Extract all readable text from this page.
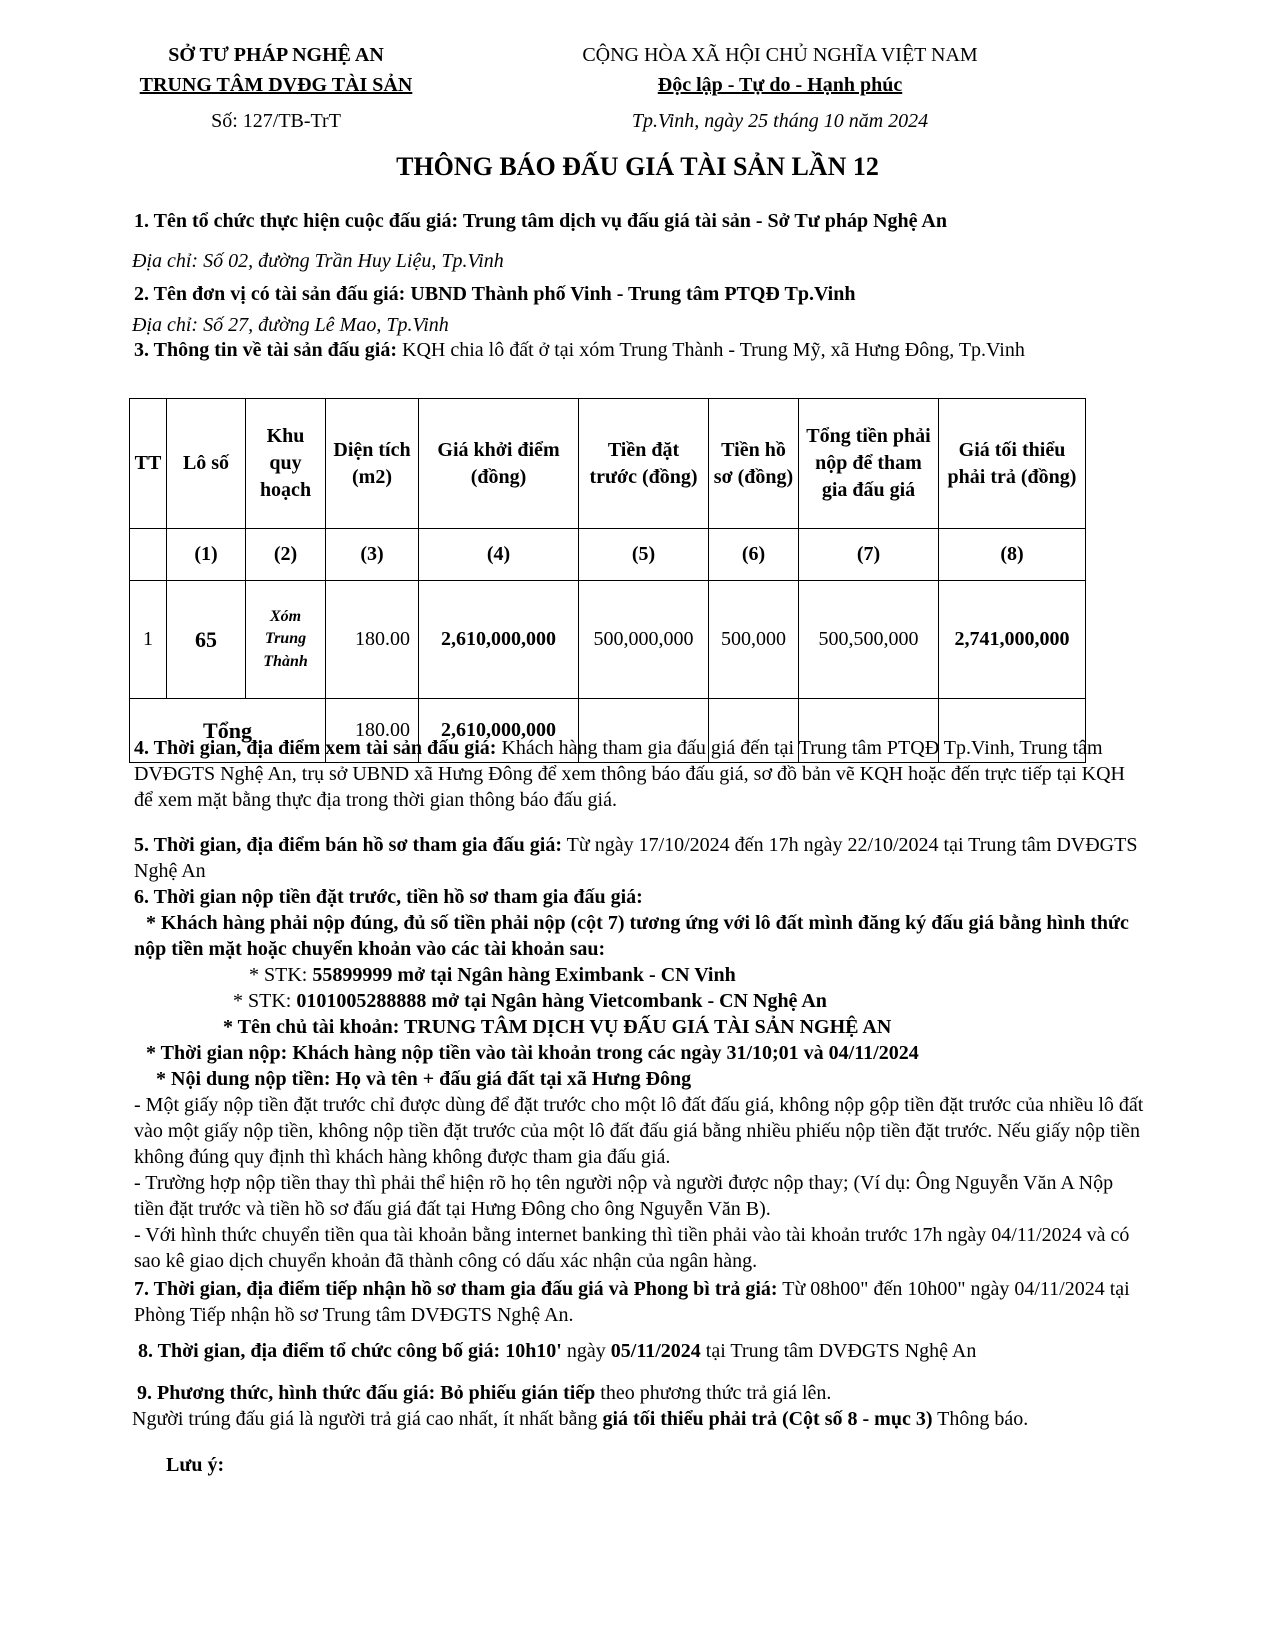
SỞ TƯ PHÁP NGHỆ AN
TRUNG TÂM DVĐG TÀI SẢN
Số: 127/TB-TrT
CỘNG HÒA XÃ HỘI CHỦ NGHĨA VIỆT NAM
Độc lập - Tự do - Hạnh phúc
Tp.Vinh, ngày 25 tháng 10 năm 2024
THÔNG BÁO ĐẤU GIÁ TÀI SẢN LẦN 12
1. Tên tổ chức thực hiện cuộc đấu giá: Trung tâm dịch vụ đấu giá tài sản - Sở Tư pháp Nghệ An
Địa chỉ: Số 02, đường Trần Huy Liệu, Tp.Vinh
2. Tên đơn vị có tài sản đấu giá: UBND Thành phố Vinh - Trung tâm PTQĐ Tp.Vinh
Địa chỉ: Số 27, đường Lê Mao, Tp.Vinh
3. Thông tin về tài sản đấu giá: KQH chia lô đất ở tại xóm Trung Thành - Trung Mỹ, xã Hưng Đông, Tp.Vinh
TT	Lô số	Khu quy hoạch	Diện tích (m2)	Giá khởi điểm (đồng)	Tiền đặt trước (đồng)	Tiền hồ sơ (đồng)	Tổng tiền phải nộp để tham gia đấu giá	Giá tối thiểu phải trả (đồng)
	(1)	(2)	(3)	(4)	(5)	(6)	(7)	(8)
1	65	Xóm Trung Thành	180.00	2,610,000,000	500,000,000	500,000	500,500,000	2,741,000,000
Tổng			180.00	2,610,000,000				
4. Thời gian, địa điểm xem tài sản đấu giá: Khách hàng tham gia đấu giá đến tại Trung tâm PTQĐ Tp.Vinh, Trung tâm DVĐGTS Nghệ An, trụ sở UBND xã Hưng Đông để xem thông báo đấu giá, sơ đồ bản vẽ KQH hoặc đến trực tiếp tại KQH để xem mặt bằng thực địa trong thời gian thông báo đấu giá.
5. Thời gian, địa điểm bán hồ sơ tham gia đấu giá: Từ ngày 17/10/2024 đến 17h ngày 22/10/2024 tại Trung tâm DVĐGTS Nghệ An
6. Thời gian nộp tiền đặt trước, tiền hồ sơ tham gia đấu giá:
* Khách hàng phải nộp đúng, đủ số tiền phải nộp (cột 7) tương ứng với lô đất mình đăng ký đấu giá bằng hình thức nộp tiền mặt hoặc chuyển khoản vào các tài khoản sau:
* STK: 55899999 mở tại Ngân hàng Eximbank - CN Vinh
* STK: 0101005288888 mở tại Ngân hàng Vietcombank - CN Nghệ An
* Tên chủ tài khoản: TRUNG TÂM DỊCH VỤ ĐẤU GIÁ TÀI SẢN NGHỆ AN
* Thời gian nộp: Khách hàng nộp tiền vào tài khoản trong các ngày 31/10;01 và 04/11/2024
* Nội dung nộp tiền: Họ và tên + đấu giá đất tại xã Hưng Đông
- Một giấy nộp tiền đặt trước chỉ được dùng để đặt trước cho một lô đất đấu giá, không nộp gộp tiền đặt trước của nhiều lô đất vào một giấy nộp tiền, không nộp tiền đặt trước của một lô đất đấu giá bằng nhiều phiếu nộp tiền đặt trước. Nếu giấy nộp tiền không đúng quy định thì khách hàng không được tham gia đấu giá.
- Trường hợp nộp tiền thay thì phải thể hiện rõ họ tên người nộp và người được nộp thay; (Ví dụ: Ông Nguyễn Văn A Nộp tiền đặt trước và tiền hồ sơ đấu giá đất tại Hưng Đông cho ông Nguyễn Văn B).
- Với hình thức chuyển tiền qua tài khoản bằng internet banking thì tiền phải vào tài khoản trước 17h ngày 04/11/2024 và có sao kê giao dịch chuyển khoản đã thành công có dấu xác nhận của ngân hàng.
7. Thời gian, địa điểm tiếp nhận hồ sơ tham gia đấu giá và Phong bì trả giá: Từ 08h00" đến 10h00" ngày 04/11/2024 tại Phòng Tiếp nhận hồ sơ Trung tâm DVĐGTS Nghệ An.
8. Thời gian, địa điểm tổ chức công bố giá: 10h10' ngày 05/11/2024 tại Trung tâm DVĐGTS Nghệ An
9. Phương thức, hình thức đấu giá: Bỏ phiếu gián tiếp theo phương thức trả giá lên.
Người trúng đấu giá là người trả giá cao nhất, ít nhất bằng giá tối thiểu phải trả (Cột số 8 - mục 3) Thông báo.
Lưu ý:
